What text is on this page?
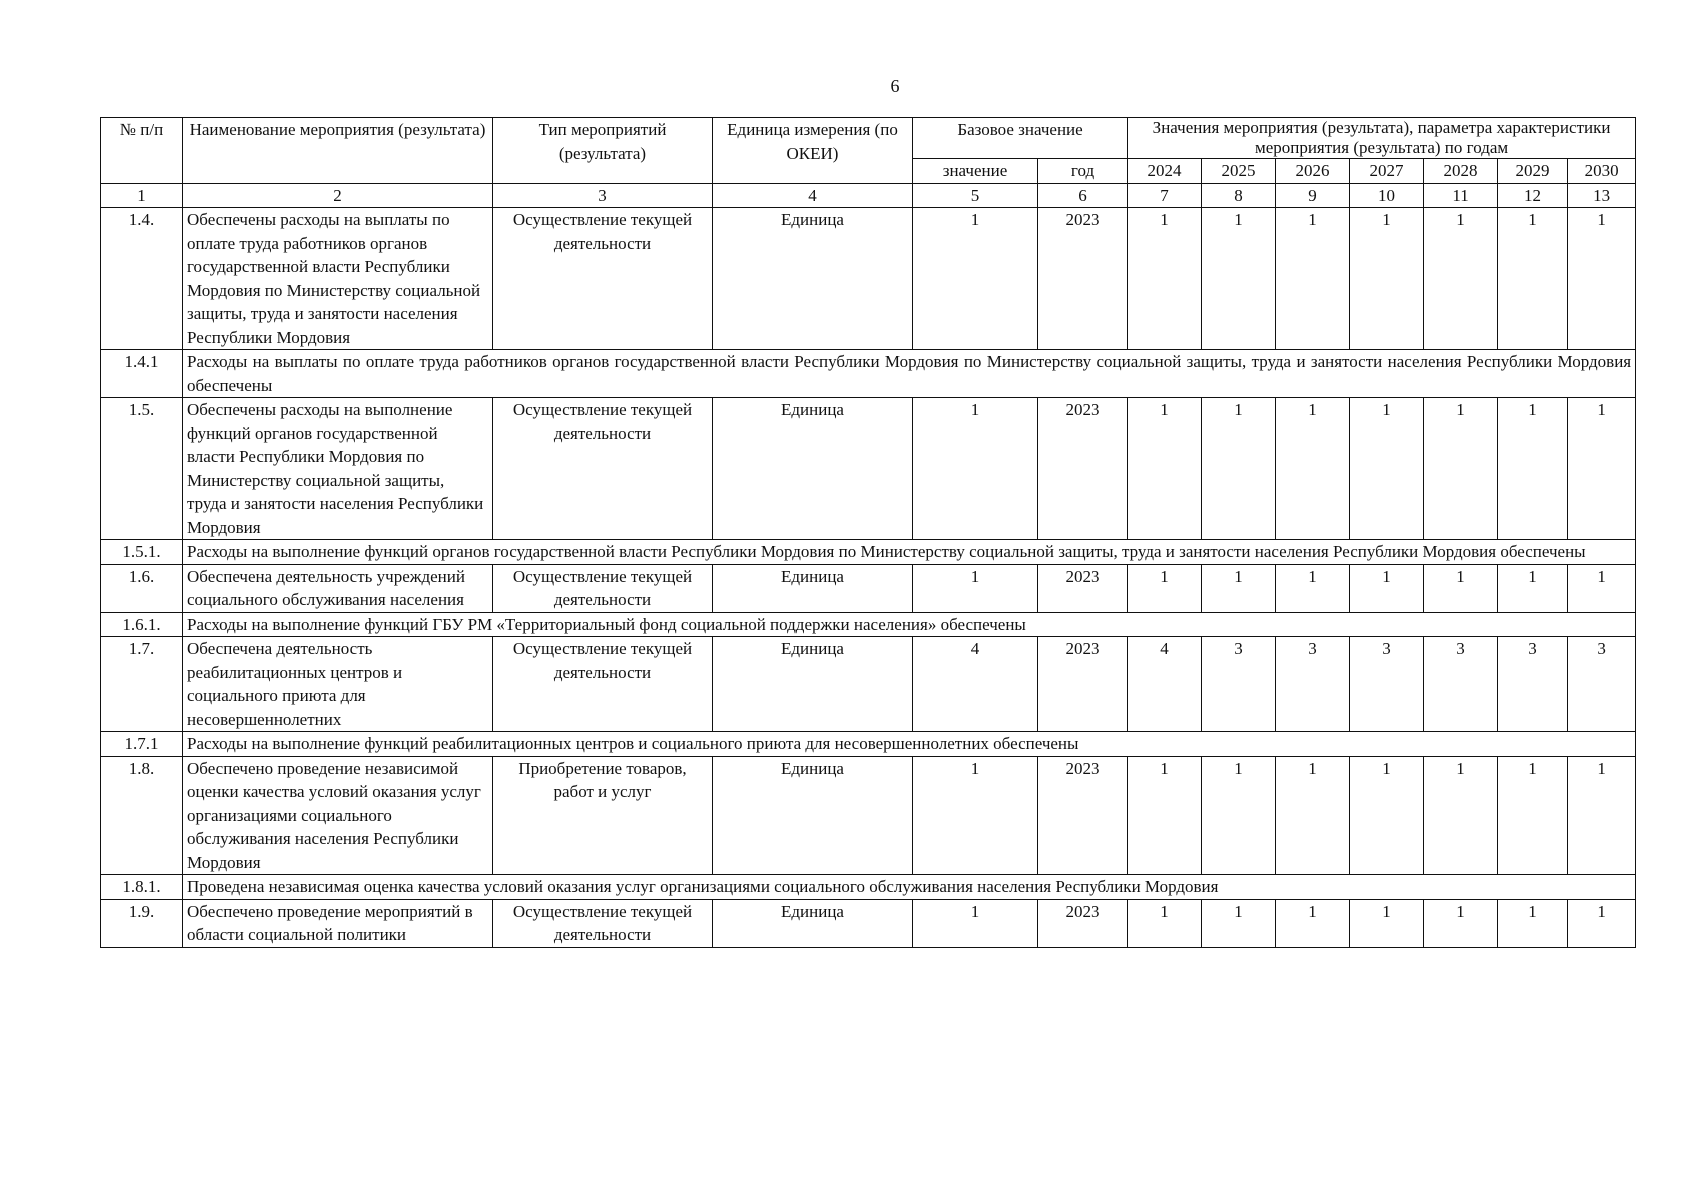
6
№ п/п	Наименование мероприятия (результата)	Тип мероприятий (результата)	Единица измерения (по ОКЕИ)	Базовое значение		Значения мероприятия (результата), параметра характеристики мероприятия (результата) по годам						
				значение	год	2024	2025	2026	2027	2028	2029	2030
1	2	3	4	5	6	7	8	9	10	11	12	13
1.4.	Обеспечены расходы на выплаты по оплате труда работников органов государственной власти Республики Мордовия по Министерству социальной защиты, труда и занятости населения Республики Мордовия	Осуществление текущей деятельности	Единица	1	2023	1	1	1	1	1	1	1
1.4.1	Расходы на выплаты по оплате труда работников органов государственной власти Республики Мордовия по Министерству социальной защиты, труда и занятости населения Республики Мордовия обеспечены											
1.5.	Обеспечены расходы на выполнение функций органов государственной власти Республики Мордовия по Министерству социальной защиты, труда и занятости населения Республики Мордовия	Осуществление текущей деятельности	Единица	1	2023	1	1	1	1	1	1	1
1.5.1.	Расходы на выполнение функций органов государственной власти Республики Мордовия по Министерству социальной защиты, труда и занятости населения Республики Мордовия обеспечены											
1.6.	Обеспечена деятельность учреждений социального обслуживания населения	Осуществление текущей деятельности	Единица	1	2023	1	1	1	1	1	1	1
1.6.1.	Расходы на выполнение функций ГБУ РМ «Территориальный фонд социальной поддержки населения» обеспечены											
1.7.	Обеспечена деятельность реабилитационных центров и социального приюта для несовершеннолетних	Осуществление текущей деятельности	Единица	4	2023	4	3	3	3	3	3	3
1.7.1	Расходы на выполнение функций реабилитационных центров и социального приюта для несовершеннолетних обеспечены											
1.8.	Обеспечено проведение независимой оценки качества условий оказания услуг организациями социального обслуживания населения Республики Мордовия	Приобретение товаров, работ и услуг	Единица	1	2023	1	1	1	1	1	1	1
1.8.1.	Проведена независимая оценка качества условий оказания услуг организациями социального обслуживания населения Республики Мордовия											
1.9.	Обеспечено проведение мероприятий в области социальной политики	Осуществление текущей деятельности	Единица	1	2023	1	1	1	1	1	1	1
